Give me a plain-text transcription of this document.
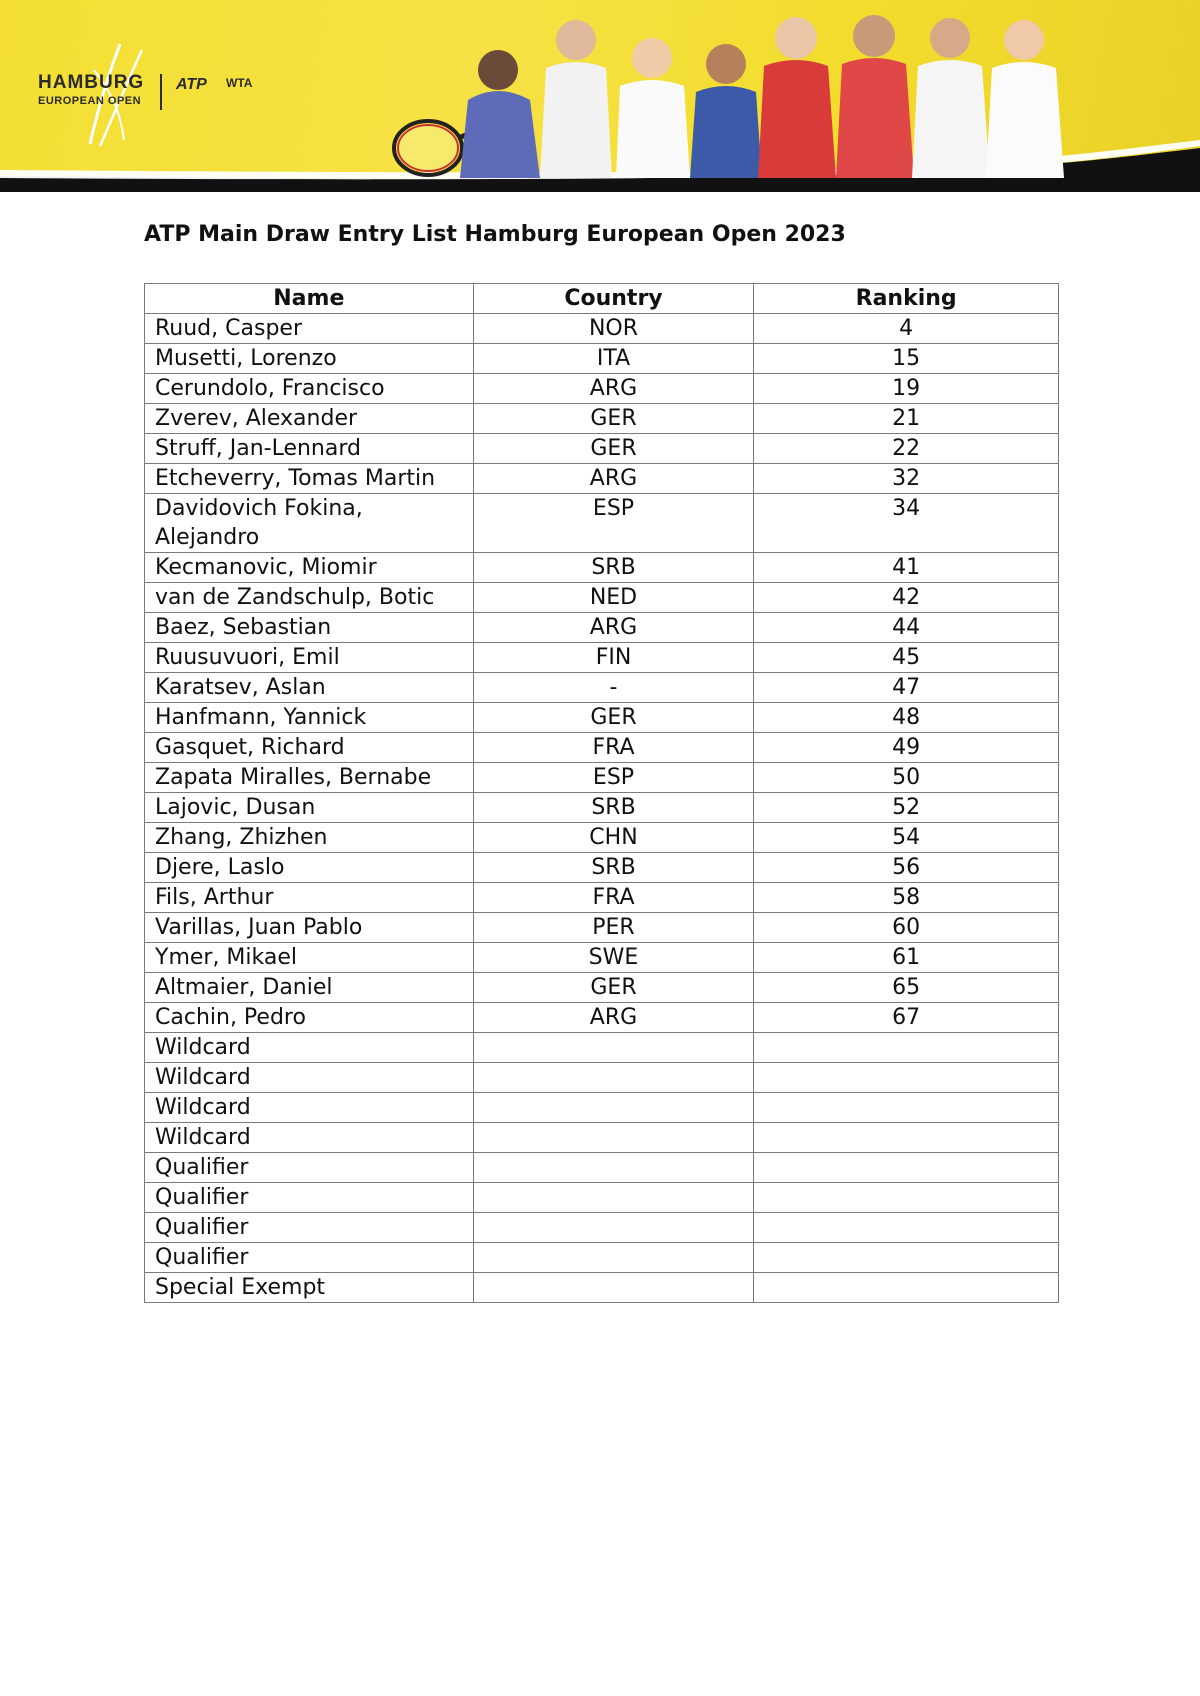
HAMBURG
EUROPEAN OPEN
ATP WTA
ATP Main Draw Entry List Hamburg European Open 2023
Name	Country	Ranking
Ruud, Casper	NOR	4
Musetti, Lorenzo	ITA	15
Cerundolo, Francisco	ARG	19
Zverev, Alexander	GER	21
Struff, Jan-Lennard	GER	22
Etcheverry, Tomas Martin	ARG	32
Davidovich Fokina, Alejandro	ESP	34
Kecmanovic, Miomir	SRB	41
van de Zandschulp, Botic	NED	42
Baez, Sebastian	ARG	44
Ruusuvuori, Emil	FIN	45
Karatsev, Aslan	-	47
Hanfmann, Yannick	GER	48
Gasquet, Richard	FRA	49
Zapata Miralles, Bernabe	ESP	50
Lajovic, Dusan	SRB	52
Zhang, Zhizhen	CHN	54
Djere, Laslo	SRB	56
Fils, Arthur	FRA	58
Varillas, Juan Pablo	PER	60
Ymer, Mikael	SWE	61
Altmaier, Daniel	GER	65
Cachin, Pedro	ARG	67
Wildcard		
Wildcard		
Wildcard		
Wildcard		
Qualifier		
Qualifier		
Qualifier		
Qualifier		
Special Exempt		
